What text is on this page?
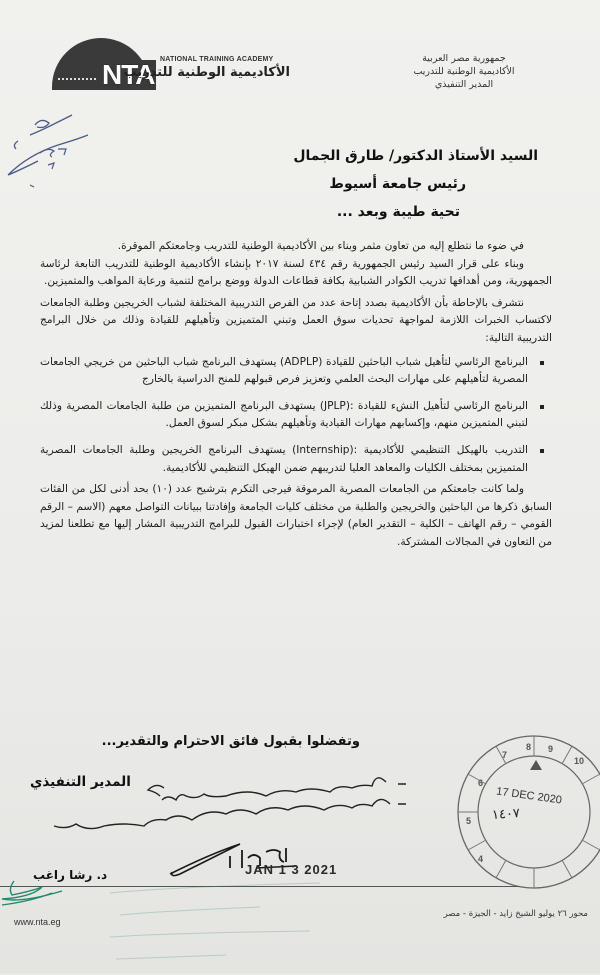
NTA NATIONAL TRAINING ACADEMY
الأكاديمية الوطنية للتدريب
جمهورية مصر العربية
الأكاديمية الوطنية للتدريب
المدير التنفيذي
السيد الأستاذ الدكتور/ طارق الجمال
رئيس جامعة أسيوط
تحية طيبة وبعد ...

في ضوء ما نتطلع إليه من تعاون مثمر وبناء بين الأكاديمية الوطنية للتدريب وجامعتكم الموقرة.

وبناء على قرار السيد رئيس الجمهورية رقم ٤٣٤ لسنة ٢٠١٧ بإنشاء الأكاديمية الوطنية للتدريب التابعة لرئاسة الجمهورية، ومن أهدافها تدريب الكوادر الشبابية بكافة قطاعات الدولة ووضع برامج لتنمية ورعاية المواهب والمتميزين.

نتشرف بالإحاطة بأن الأكاديمية بصدد إتاحة عدد من الفرص التدريبية المختلفة لشباب الخريجين وطلبة الجامعات لاكتساب الخبرات اللازمة لمواجهة تحديات سوق العمل وتبني المتميزين وتأهيلهم للقيادة وذلك من خلال البرامج التدريبية التالية:

البرنامج الرئاسي لتأهيل شباب الباحثين للقيادة (ADPLP) يستهدف البرنامج شباب الباحثين من خريجي الجامعات المصرية لتأهيلهم على مهارات البحث العلمي وتعزيز فرص قبولهم للمنح الدراسية بالخارج
البرنامج الرئاسي لتأهيل النشء للقيادة :(JPLP) يستهدف البرنامج المتميزين من طلبة الجامعات المصرية وذلك لتبني المتميزين منهم، وإكسابهم مهارات القيادية وتأهيلهم بشكل مبكر لسوق العمل.
التدريب بالهيكل التنظيمي للأكاديمية :(Internship) يستهدف البرنامج الخريجين وطلبة الجامعات المصرية المتميزين بمختلف الكليات والمعاهد العليا لتدريبهم ضمن الهيكل التنظيمي للأكاديمية.

ولما كانت جامعتكم من الجامعات المصرية المرموقة فيرجى التكرم بترشيح عدد (١٠) بحد أدنى لكل من الفئات السابق ذكرها من الباحثين والخريجين والطلبة من مختلف كليات الجامعة وإفادتنا ببيانات التواصل معهم (الاسم – الرقم القومي – رقم الهاتف – الكلية – التقدير العام) لإجراء اختبارات القبول للبرامج التدريبية المشار إليها مع تطلعنا لمزيد من التعاون في المجالات المشتركة.

وتفضلوا بقبول فائق الاحترام والتقدير...
المدير التنفيذي
JAN 1 3 2021
د. رشا راغب
8 9
10
7
6
5
4
17 DEC 2020
١٤٠٧
محور ٢٦ يوليو الشيخ زايد - الجيزة - مصر
www.nta.eg
